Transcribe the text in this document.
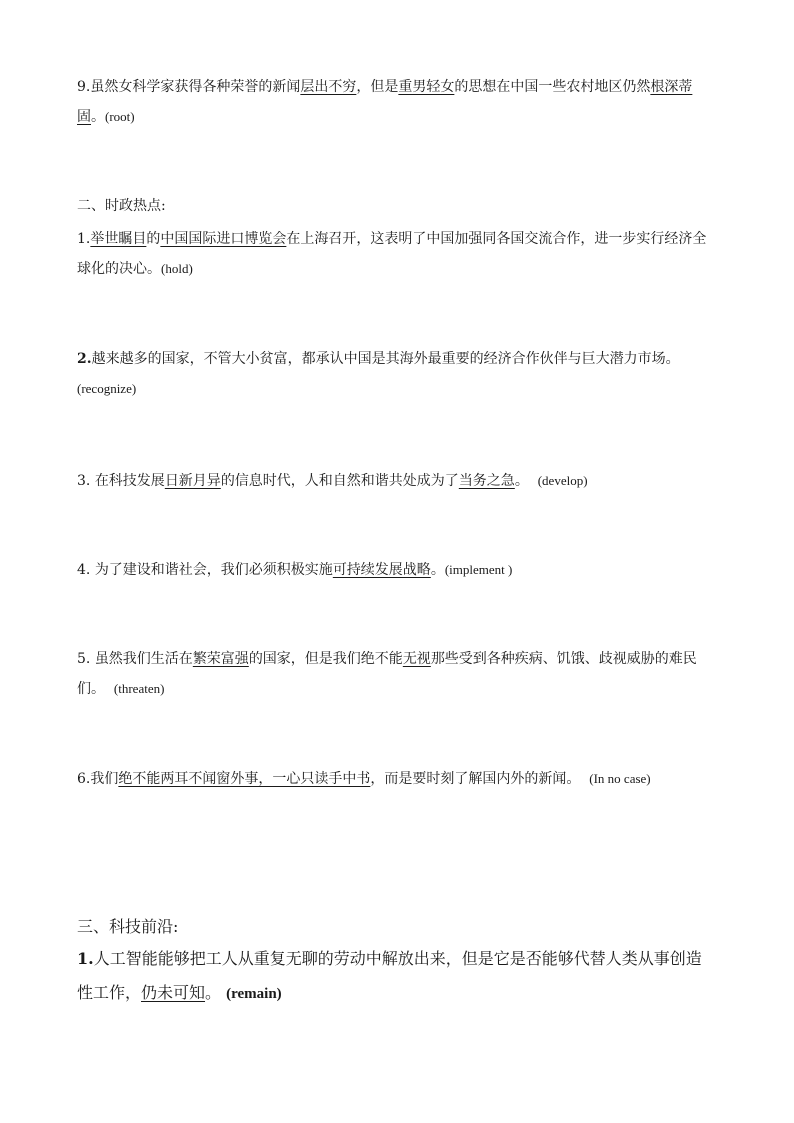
9.虽然女科学家获得各种荣誉的新闻层出不穷，但是重男轻女的思想在中国一些农村地区仍然根深蒂固。(root)

二、时政热点:

1.举世瞩目的中国国际进口博览会在上海召开，这表明了中国加强同各国交流合作，进一步实行经济全球化的决心。(hold)

2.越来越多的国家，不管大小贫富，都承认中国是其海外最重要的经济合作伙伴与巨大潜力市场。(recognize)

3. 在科技发展日新月异的信息时代，人和自然和谐共处成为了当务之急。 (develop)

4. 为了建设和谐社会，我们必须积极实施可持续发展战略。(implement )

5. 虽然我们生活在繁荣富强的国家，但是我们绝不能无视那些受到各种疾病、饥饿、歧视威胁的难民们。 (threaten)

6.我们绝不能两耳不闻窗外事，一心只读手中书，而是要时刻了解国内外的新闻。 (In no case)

三、科技前沿:

1.人工智能能够把工人从重复无聊的劳动中解放出来，但是它是否能够代替人类从事创造性工作，仍未可知。 (remain)
